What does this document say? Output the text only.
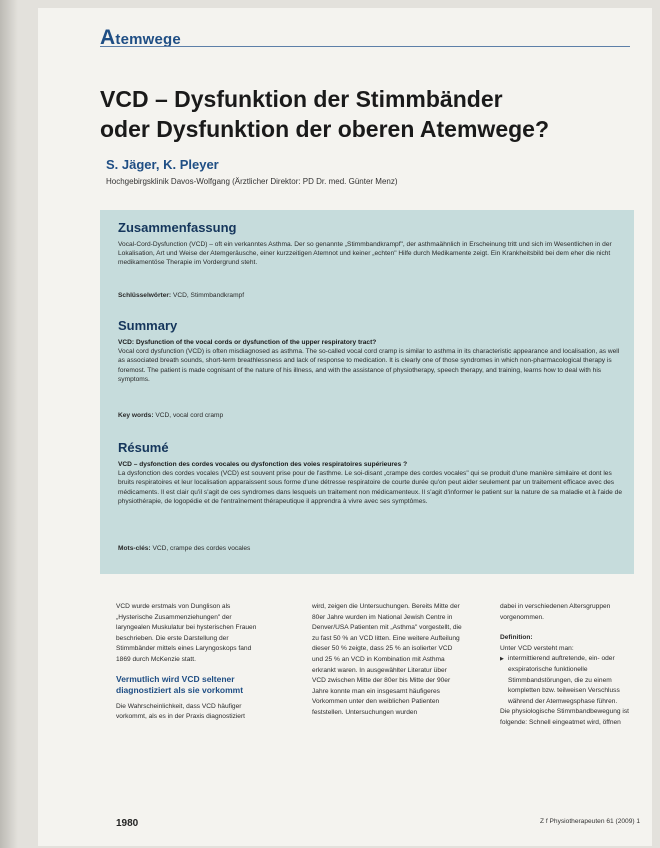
Atemwege
VCD – Dysfunktion der Stimmbänder
oder Dysfunktion der oberen Atemwege?
S. Jäger, K. Pleyer
Hochgebirgsklinik Davos-Wolfgang (Ärztlicher Direktor: PD Dr. med. Günter Menz)
Zusammenfassung
Vocal-Cord-Dysfunction (VCD) – oft ein verkanntes Asthma. Der so genannte „Stimmbandkrampf", der asthmaähnlich in Erscheinung tritt und sich im Wesentlichen in der Lokalisation, Art und Weise der Atemgeräusche, einer kurzzeitigen Atemnot und keiner „echten" Hilfe durch Medikamente zeigt. Ein Krankheitsbild bei dem eher die nicht medikamentöse Therapie im Vordergrund steht.
Schlüsselwörter: VCD, Stimmbandkrampf
Summary
VCD: Dysfunction of the vocal cords or dysfunction of the upper respiratory tract?
Vocal cord dysfunction (VCD) is often misdiagnosed as asthma. The so-called vocal cord cramp is similar to asthma in its characteristic appearance and localisation, as well as associated breath sounds, short-term breathlessness and lack of response to medication. It is clearly one of those syndromes in which non-pharmacological therapy is foremost. The patient is made cognisant of the nature of his illness, and with the assistance of physiotherapy, speech therapy, and training, learns how to deal with his symptoms.
Key words: VCD, vocal cord cramp
Résumé
VCD – dysfonction des cordes vocales ou dysfonction des voies respiratoires supérieures ?
La dysfonction des cordes vocales (VCD) est souvent prise pour de l'asthme. Le soi-disant „crampe des cordes vocales" qui se produit d'une manière similaire et dont les bruits respiratoires et leur localisation apparaissent sous forme d'une détresse respiratoire de courte durée qu'on peut aider seulement par un traitement efficace avec des médicaments. Il est clair qu'il s'agit de ces syndromes dans lesquels un traitement non médicamenteux. Il s'agit d'informer le patient sur la nature de sa maladie et à l'aide de physiothérapie, de logopédie et de l'entraînement thérapeutique il apprendra à vivre avec ses symptômes.
Mots-clés: VCD, crampe des cordes vocales
VCD wurde erstmals von Dunglison als „Hysterische Zusammenziehungen" der laryngealen Muskulatur bei hysterischen Frauen beschrieben. Die erste Darstellung der Stimmbänder mittels eines Laryngoskops fand 1869 durch McKenzie statt.
Vermutlich wird VCD seltener diagnostiziert als sie vorkommt
Die Wahrscheinlichkeit, dass VCD häufiger vorkommt, als es in der Praxis diagnostiziert
wird, zeigen die Untersuchungen. Bereits Mitte der 80er Jahre wurden im National Jewish Centre in Denver/USA Patienten mit „Asthma" vorgestellt, die zu fast 50 % an VCD litten. Eine weitere Aufteilung dieser 50 % zeigte, dass 25 % an isolierter VCD und 25 % an VCD in Kombination mit Asthma erkrankt waren. In ausgewählter Literatur über VCD zwischen Mitte der 80er bis Mitte der 90er Jahre konnte man ein insgesamt häufigeres Vorkommen unter den weiblichen Patienten feststellen. Untersuchungen wurden
dabei in verschiedenen Altersgruppen vorgenommen.
Definition:
Unter VCD versteht man:
▶ intermittierend auftretende, ein- oder exspiratorische funktionelle Stimmbandstörungen, die zu einem kompletten bzw. teilweisen Verschluss während der Atemwegsphase führen.
Die physiologische Stimmbandbewegung ist folgende: Schnell eingeatmet wird, öffnen
1980	Z f Physiotherapeuten 61 (2009) 1
